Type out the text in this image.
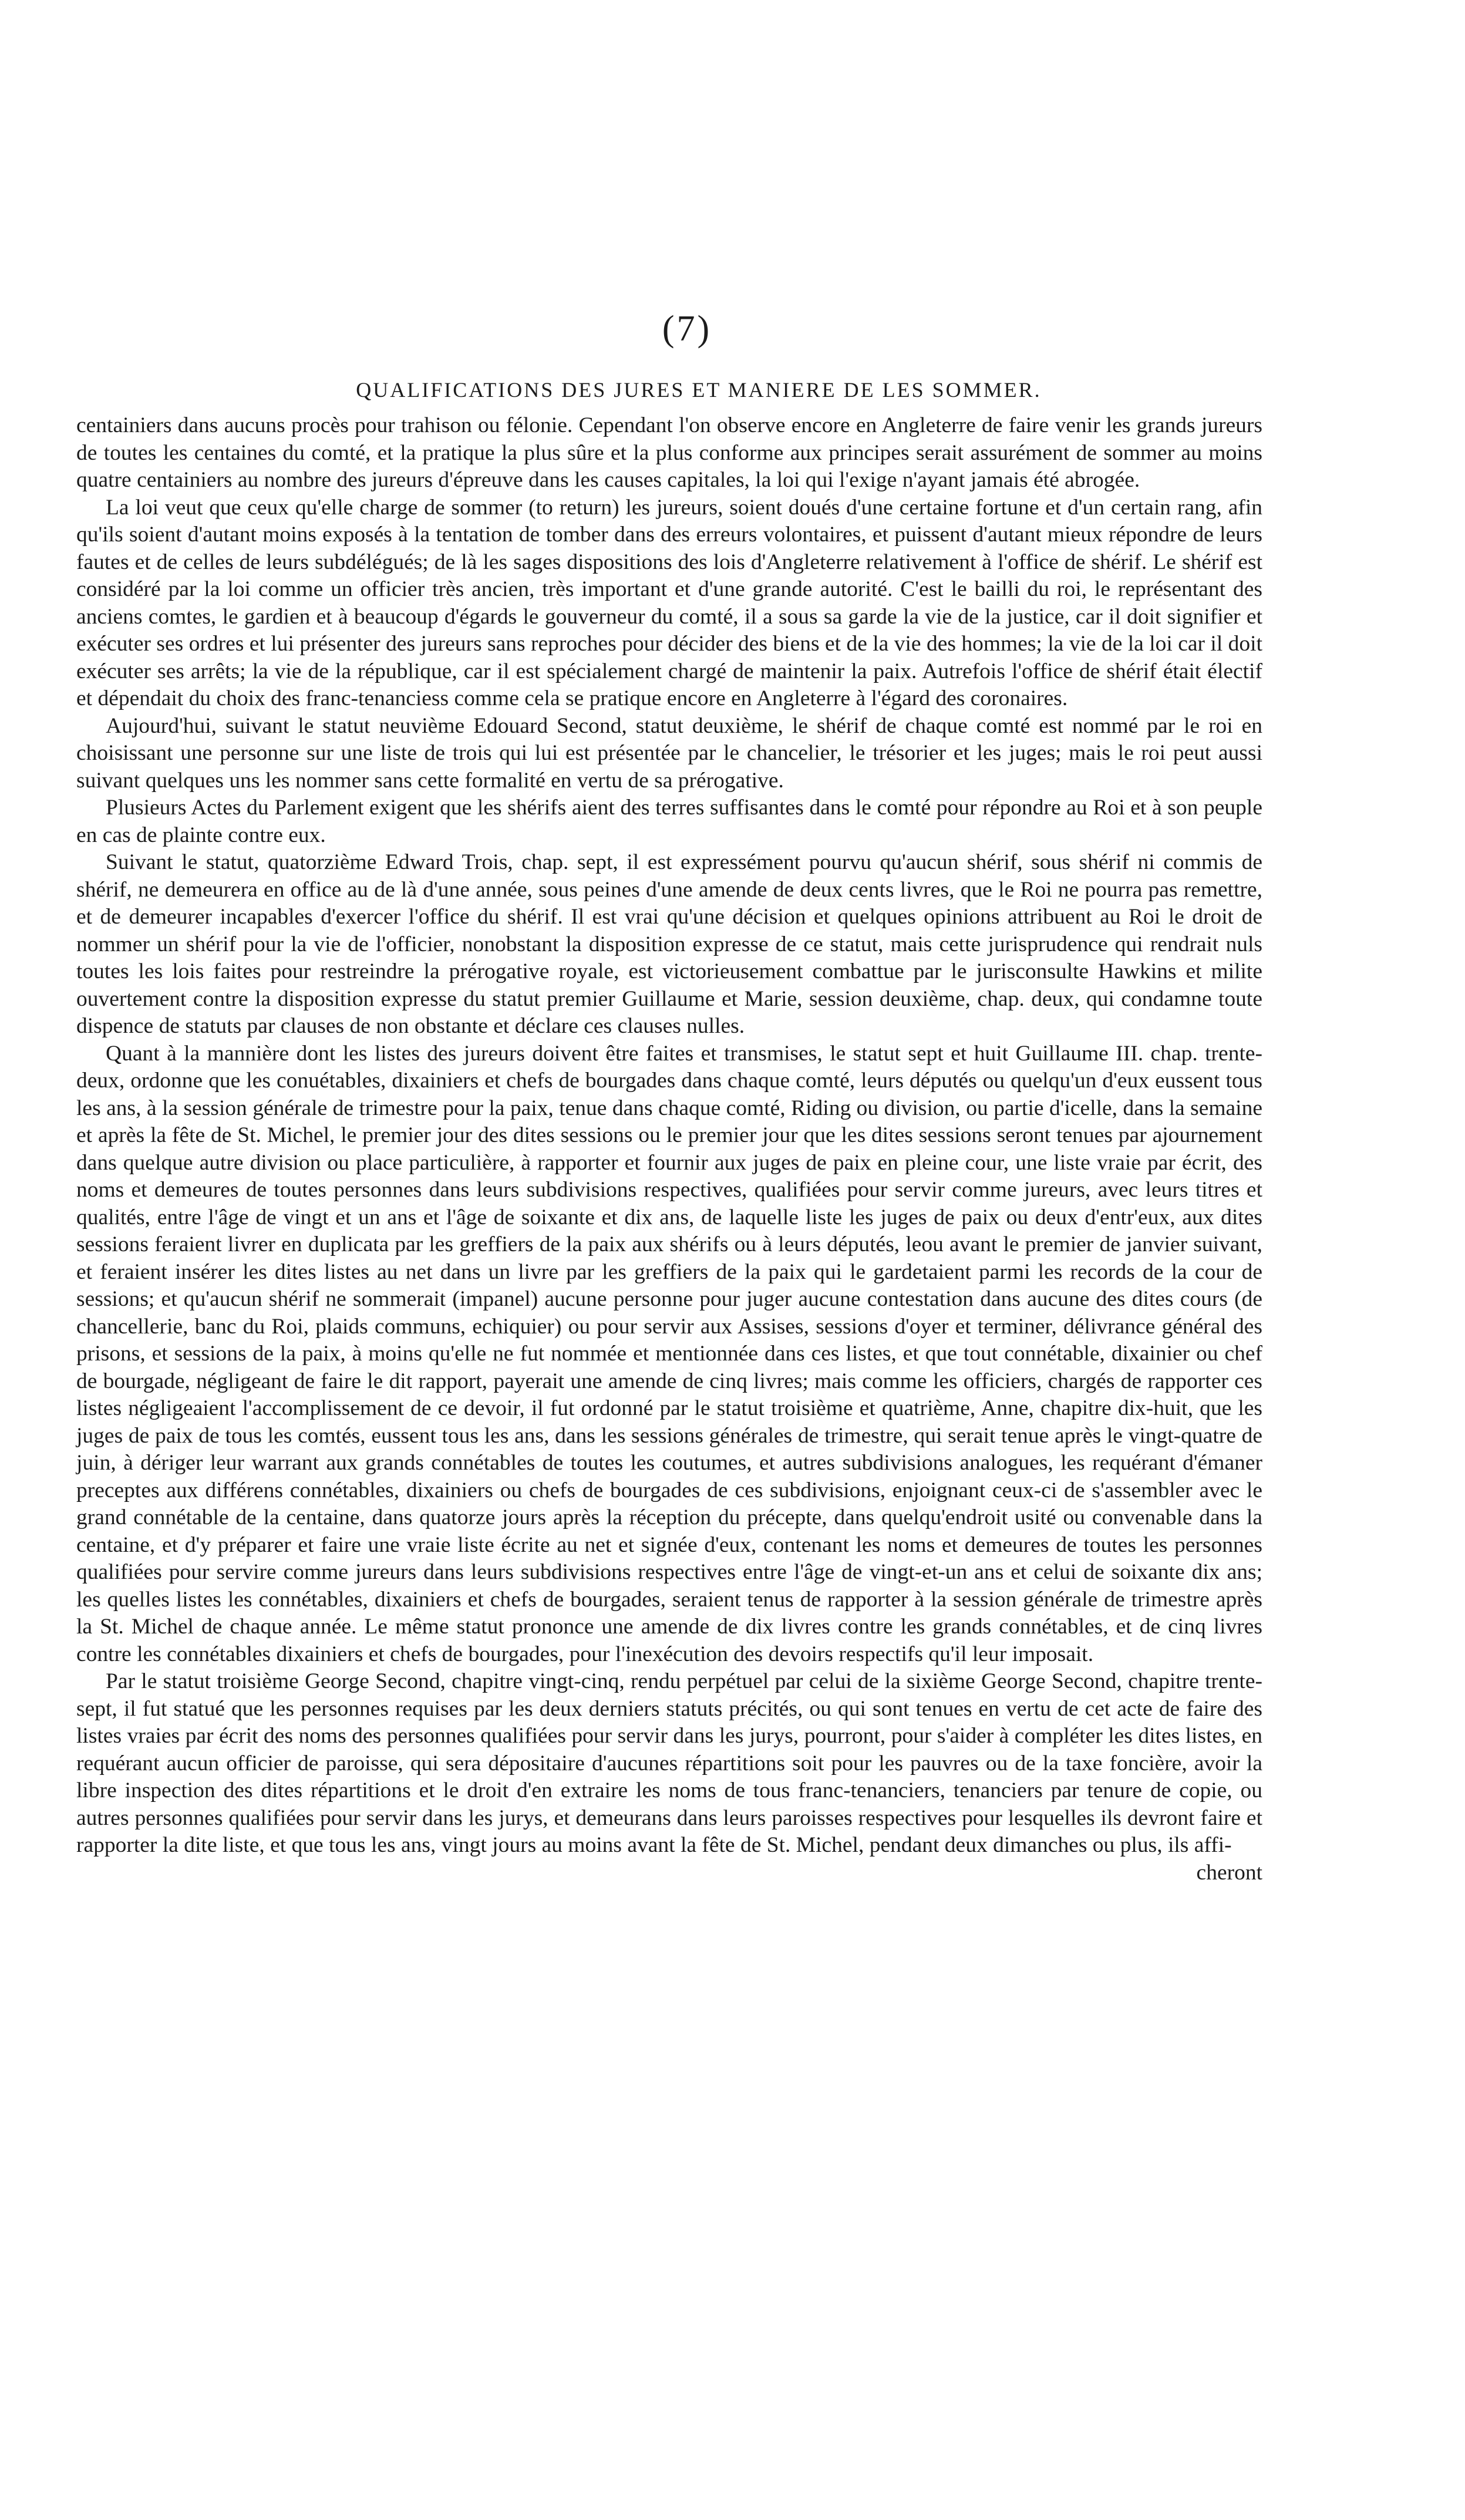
(7)
QUALIFICATIONS DES JURES ET MANIERE DE LES SOMMER.

centainiers dans aucuns procès pour trahison ou félonie. Cependant l'on observe encore en Angleterre de faire venir les grands jureurs de toutes les centaines du comté, et la pratique la plus sûre et la plus conforme aux principes serait assurément de sommer au moins quatre centainiers au nombre des jureurs d'épreuve dans les causes capitales, la loi qui l'exige n'ayant jamais été abrogée.

La loi veut que ceux qu'elle charge de sommer (to return) les jureurs, soient doués d'une certaine fortune et d'un certain rang, afin qu'ils soient d'autant moins exposés à la tentation de tomber dans des erreurs volontaires, et puissent d'autant mieux répondre de leurs fautes et de celles de leurs subdélégués; de là les sages dispositions des lois d'Angleterre relativement à l'office de shérif. Le shérif est considéré par la loi comme un officier très ancien, très important et d'une grande autorité. C'est le bailli du roi, le représentant des anciens comtes, le gardien et à beaucoup d'égards le gouverneur du comté, il a sous sa garde la vie de la justice, car il doit signifier et exécuter ses ordres et lui présenter des jureurs sans reproches pour décider des biens et de la vie des hommes; la vie de la loi car il doit exécuter ses arrêts; la vie de la république, car il est spécialement chargé de maintenir la paix. Autrefois l'office de shérif était électif et dépendait du choix des franc-tenanciess comme cela se pratique encore en Angleterre à l'égard des coronaires.

Aujourd'hui, suivant le statut neuvième Edouard Second, statut deuxième, le shérif de chaque comté est nommé par le roi en choisissant une personne sur une liste de trois qui lui est présentée par le chancelier, le trésorier et les juges; mais le roi peut aussi suivant quelques uns les nommer sans cette formalité en vertu de sa prérogative.

Plusieurs Actes du Parlement exigent que les shérifs aient des terres suffisantes dans le comté pour répondre au Roi et à son peuple en cas de plainte contre eux.

Suivant le statut, quatorzième Edward Trois, chap. sept, il est expressément pourvu qu'aucun shérif, sous shérif ni commis de shérif, ne demeurera en office au de là d'une année, sous peines d'une amende de deux cents livres, que le Roi ne pourra pas remettre, et de demeurer incapables d'exercer l'office du shérif. Il est vrai qu'une décision et quelques opinions attribuent au Roi le droit de nommer un shérif pour la vie de l'officier, nonobstant la disposition expresse de ce statut, mais cette jurisprudence qui rendrait nuls toutes les lois faites pour restreindre la prérogative royale, est victorieusement combattue par le jurisconsulte Hawkins et milite ouvertement contre la disposition expresse du statut premier Guillaume et Marie, session deuxième, chap. deux, qui condamne toute dispence de statuts par clauses de non obstante et déclare ces clauses nulles.

Quant à la mannière dont les listes des jureurs doivent être faites et transmises, le statut sept et huit Guillaume III. chap. trente-deux, ordonne que les conuétables, dixainiers et chefs de bourgades dans chaque comté, leurs députés ou quelqu'un d'eux eussent tous les ans, à la session générale de trimestre pour la paix, tenue dans chaque comté, Riding ou division, ou partie d'icelle, dans la semaine et après la fête de St. Michel, le premier jour des dites sessions ou le premier jour que les dites sessions seront tenues par ajournement dans quelque autre division ou place particulière, à rapporter et fournir aux juges de paix en pleine cour, une liste vraie par écrit, des noms et demeures de toutes personnes dans leurs subdivisions respectives, qualifiées pour servir comme jureurs, avec leurs titres et qualités, entre l'âge de vingt et un ans et l'âge de soixante et dix ans, de laquelle liste les juges de paix ou deux d'entr'eux, aux dites sessions feraient livrer en duplicata par les greffiers de la paix aux shérifs ou à leurs députés, leou avant le premier de janvier suivant, et feraient insérer les dites listes au net dans un livre par les greffiers de la paix qui le gardetaient parmi les records de la cour de sessions; et qu'aucun shérif ne sommerait (impanel) aucune personne pour juger aucune contestation dans aucune des dites cours (de chancellerie, banc du Roi, plaids communs, echiquier) ou pour servir aux Assises, sessions d'oyer et terminer, délivrance général des prisons, et sessions de la paix, à moins qu'elle ne fut nommée et mentionnée dans ces listes, et que tout connétable, dixainier ou chef de bourgade, négligeant de faire le dit rapport, payerait une amende de cinq livres; mais comme les officiers, chargés de rapporter ces listes négligeaient l'accomplissement de ce devoir, il fut ordonné par le statut troisième et quatrième, Anne, chapitre dix-huit, que les juges de paix de tous les comtés, eussent tous les ans, dans les sessions générales de trimestre, qui serait tenue après le vingt-quatre de juin, à dériger leur warrant aux grands connétables de toutes les coutumes, et autres subdivisions analogues, les requérant d'émaner preceptes aux différens connétables, dixainiers ou chefs de bourgades de ces subdivisions, enjoignant ceux-ci de s'assembler avec le grand connétable de la centaine, dans quatorze jours après la réception du précepte, dans quelqu'endroit usité ou convenable dans la centaine, et d'y préparer et faire une vraie liste écrite au net et signée d'eux, contenant les noms et demeures de toutes les personnes qualifiées pour servire comme jureurs dans leurs subdivisions respectives entre l'âge de vingt-et-un ans et celui de soixante dix ans; les quelles listes les connétables, dixainiers et chefs de bourgades, seraient tenus de rapporter à la session générale de trimestre après la St. Michel de chaque année. Le même statut prononce une amende de dix livres contre les grands connétables, et de cinq livres contre les connétables dixainiers et chefs de bourgades, pour l'inexécution des devoirs respectifs qu'il leur imposait.

Par le statut troisième George Second, chapitre vingt-cinq, rendu perpétuel par celui de la sixième George Second, chapitre trente-sept, il fut statué que les personnes requises par les deux derniers statuts précités, ou qui sont tenues en vertu de cet acte de faire des listes vraies par écrit des noms des personnes qualifiées pour servir dans les jurys, pourront, pour s'aider à compléter les dites listes, en requérant aucun officier de paroisse, qui sera dépositaire d'aucunes répartitions soit pour les pauvres ou de la taxe foncière, avoir la libre inspection des dites répartitions et le droit d'en extraire les noms de tous franc-tenanciers, tenanciers par tenure de copie, ou autres personnes qualifiées pour servir dans les jurys, et demeurans dans leurs paroisses respectives pour lesquelles ils devront faire et rapporter la dite liste, et que tous les ans, vingt jours au moins avant la fête de St. Michel, pendant deux dimanches ou plus, ils affi-

cheront
